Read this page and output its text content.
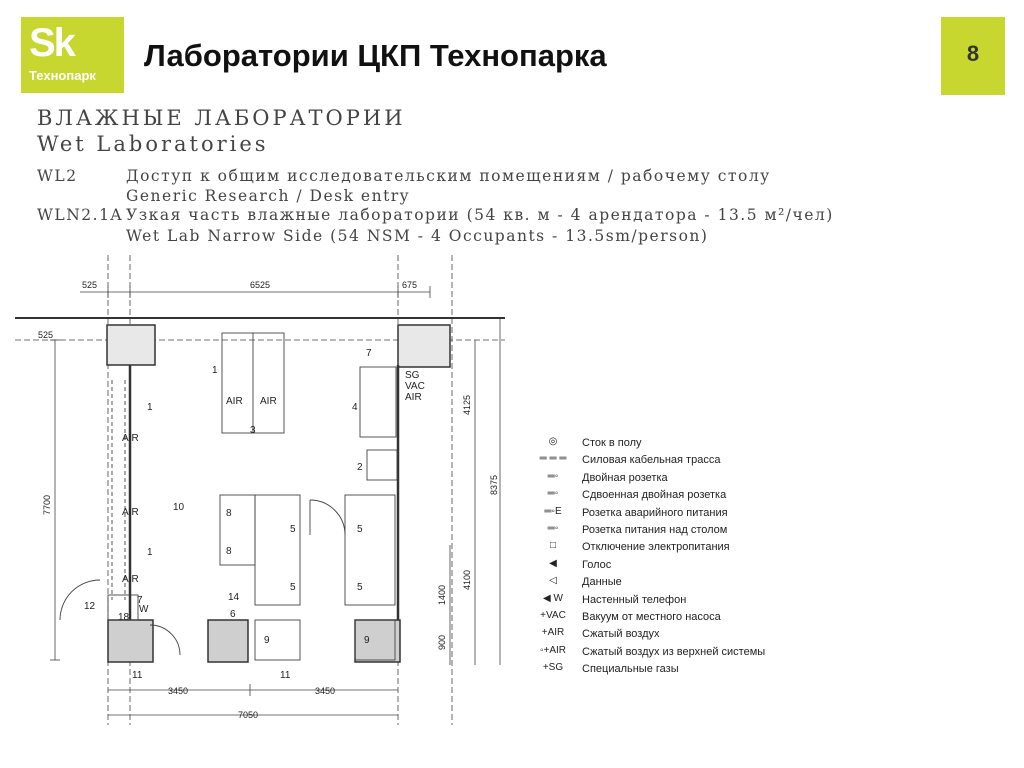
Sk
Технопарк
Лаборатории ЦКП Технопарка	8
ВЛАЖНЫЕ ЛАБОРАТОРИИ
Wet Laboratories
WL2	Доступ к общим исследовательским помещениям / рабочему столу
Generic Research / Desk entry
WLN2.1A Узкая часть влажные лаборатории (54 кв. м - 4 арендатора - 13.5 м²/чел)
Wet Lab Narrow Side (54 NSM - 4 Occupants - 13.5sm/person)
525	6525	675
525
7700
4125
8375
4100
1400
900
3450	3450
7050
1
1
1
2
3
4
5	5
5	5
6
7
7
8
8
9	9
10
11	11
12
14
18
AIR AIR
AIR
AIR
AIR
SG
VAC
AIR
W
◎	Сток в полу
═ ═ ═	Силовая кабельная трасса
═◦	Двойная розетка
═◦	Сдвоенная двойная розетка
═◦E	Розетка аварийного питания
═◦	Розетка питания над столом
□	Отключение электропитания
◀	Голос
◁	Данные
◀ W	Настенный телефон
+VAC	Вакуум от местного насоса
+AIR	Сжатый воздух
◦+AIR	Сжатый воздух из верхней системы
+SG	Специальные газы
